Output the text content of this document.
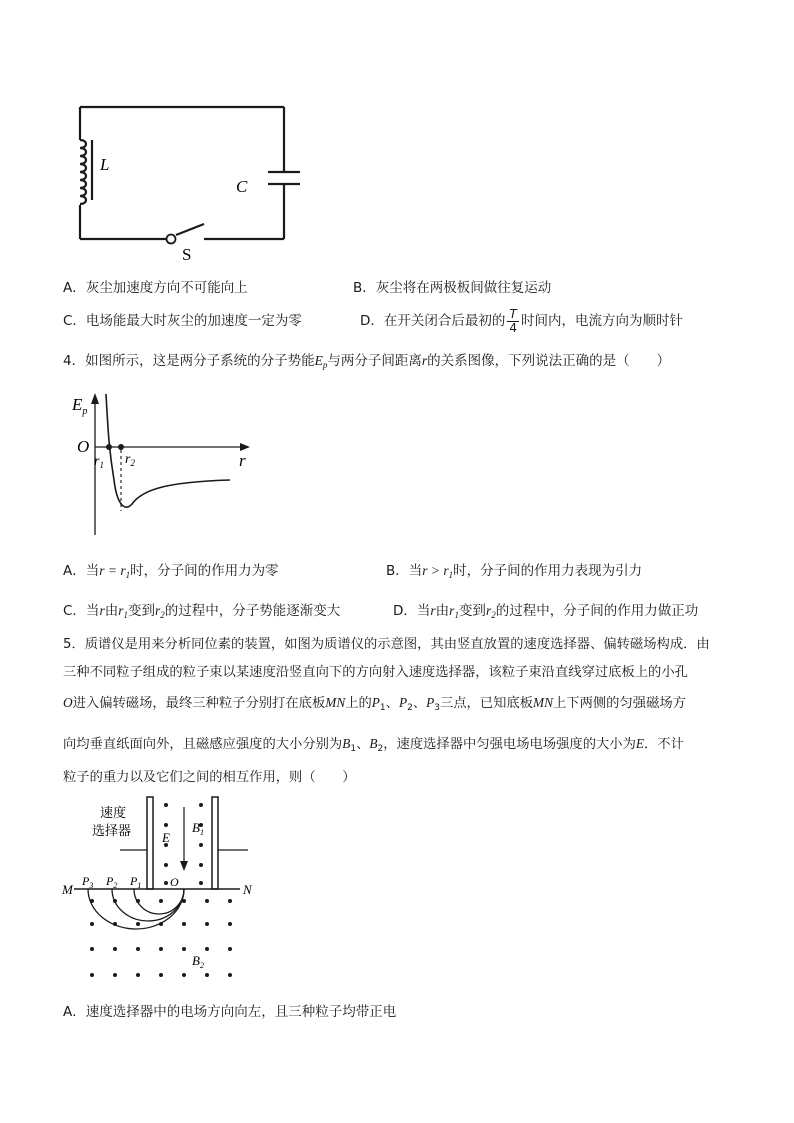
L
C
S
A．灰尘加速度方向不可能向上	B．灰尘将在两极板间做往复运动
C．电场能最大时灰尘的加速度一定为零	D．在开关闭合后最初的 $\frac{T}{4}$ 时间内，电流方向为顺时针
4．如图所示，这是两分子系统的分子势能$E_p$与两分子间距离r的关系图像，下列说法正确的是（　　）
$E_p$
O
$r_1$ $r_2$	r
A．当$r = r_1$时，分子间的作用力为零	B．当$r > r_1$时，分子间的作用力表现为引力
C．当r由$r_1$变到$r_2$的过程中，分子势能逐渐变大	D．当r由$r_1$变到$r_2$的过程中，分子间的作用力做正功
5．质谱仪是用来分析同位素的装置，如图为质谱仪的示意图，其由竖直放置的速度选择器、偏转磁场构成．由
三种不同粒子组成的粒子束以某速度沿竖直向下的方向射入速度选择器，该粒子束沿直线穿过底板上的小孔
O进入偏转磁场，最终三种粒子分别打在底板MN上的$P_1$、$P_2$、$P_3$三点，已知底板MN上下两侧的匀强磁场方
向均垂直纸面向外，且磁感应强度的大小分别为$B_1$、$B_2$，速度选择器中匀强电场电场强度的大小为E．不计
粒子的重力以及它们之间的相互作用，则（　　）
速度
选择器 E
$B_1$
M	N
$P_3$ $P_2$ $P_1$ O
$B_2$
A．速度选择器中的电场方向向左，且三种粒子均带正电
